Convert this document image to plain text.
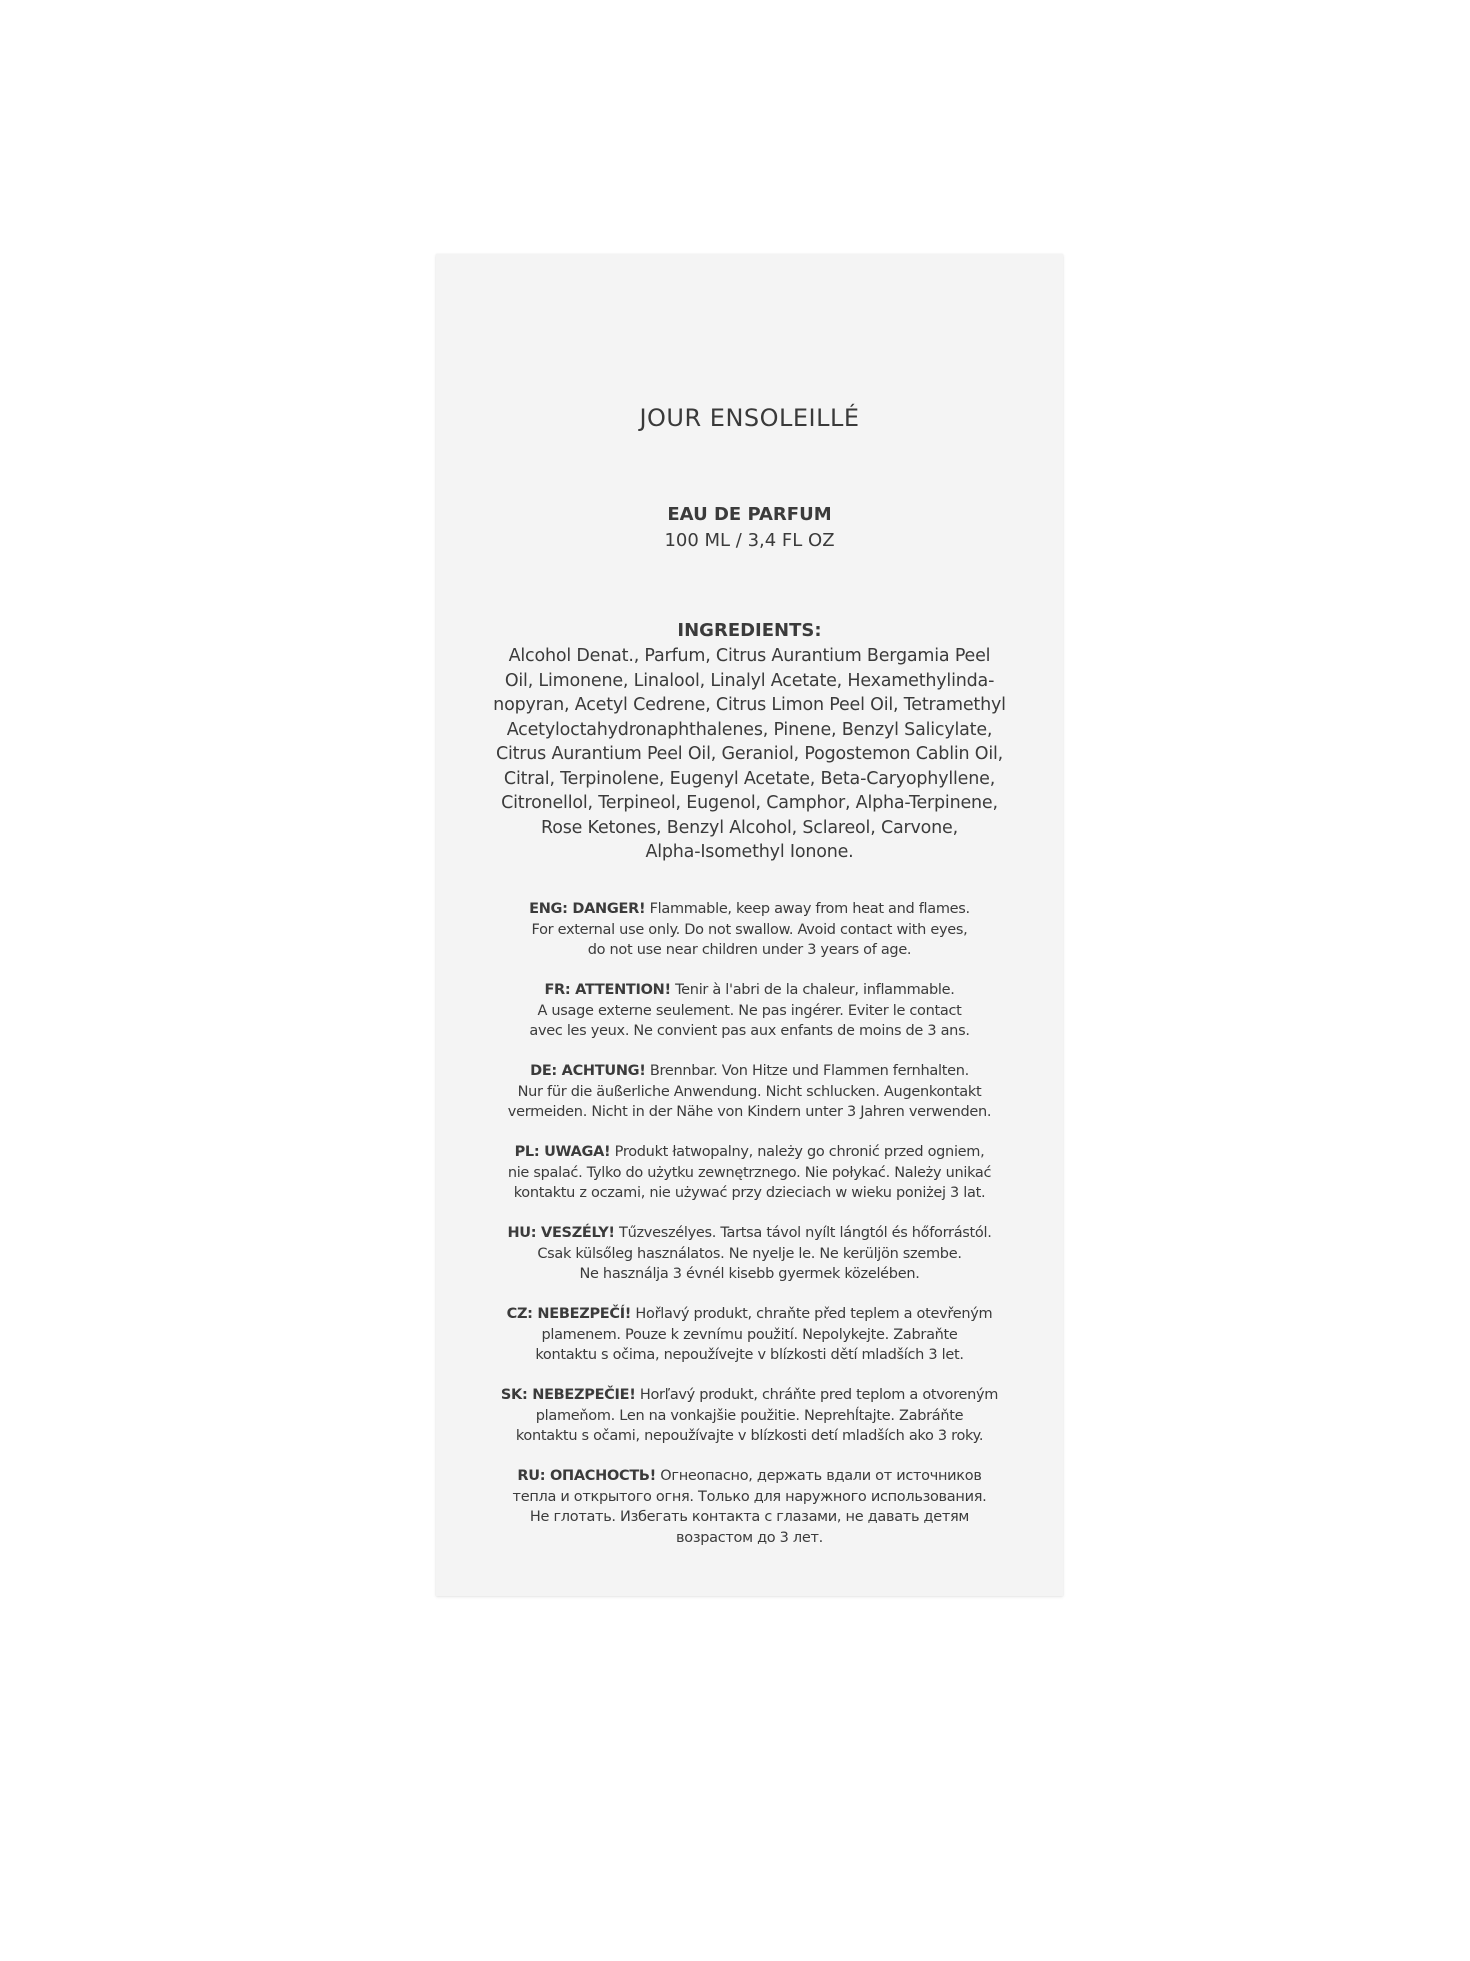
JOUR ENSOLEILLÉ
EAU DE PARFUM
100 ML / 3,4 FL OZ
INGREDIENTS:
Alcohol Denat., Parfum, Citrus Aurantium Bergamia Peel
Oil, Limonene, Linalool, Linalyl Acetate, Hexamethylinda-
nopyran, Acetyl Cedrene, Citrus Limon Peel Oil, Tetramethyl
Acetyloctahydronaphthalenes, Pinene, Benzyl Salicylate,
Citrus Aurantium Peel Oil, Geraniol, Pogostemon Cablin Oil,
Citral, Terpinolene, Eugenyl Acetate, Beta-Caryophyllene,
Citronellol, Terpineol, Eugenol, Camphor, Alpha-Terpinene,
Rose Ketones, Benzyl Alcohol, Sclareol, Carvone,
Alpha-Isomethyl Ionone.
ENG: DANGER! Flammable, keep away from heat and flames.
For external use only. Do not swallow. Avoid contact with eyes,
do not use near children under 3 years of age.
FR: ATTENTION! Tenir à l'abri de la chaleur, inflammable.
A usage externe seulement. Ne pas ingérer. Eviter le contact
avec les yeux. Ne convient pas aux enfants de moins de 3 ans.
DE: ACHTUNG! Brennbar. Von Hitze und Flammen fernhalten.
Nur für die äußerliche Anwendung. Nicht schlucken. Augenkontakt
vermeiden. Nicht in der Nähe von Kindern unter 3 Jahren verwenden.
PL: UWAGA! Produkt łatwopalny, należy go chronić przed ogniem,
nie spalać. Tylko do użytku zewnętrznego. Nie połykać. Należy unikać
kontaktu z oczami, nie używać przy dzieciach w wieku poniżej 3 lat.
HU: VESZÉLY! Tűzveszélyes. Tartsa távol nyílt lángtól és hőforrástól.
Csak külsőleg használatos. Ne nyelje le. Ne kerüljön szembe.
Ne használja 3 évnél kisebb gyermek közelében.
CZ: NEBEZPEČÍ! Hořlavý produkt, chraňte před teplem a otevřeným
plamenem. Pouze k zevnímu použití. Nepolykejte. Zabraňte
kontaktu s očima, nepoužívejte v blízkosti dětí mladších 3 let.
SK: NEBEZPEČIE! Horľavý produkt, chráňte pred teplom a otvoreným
plameňom. Len na vonkajšie použitie. Neprehĺtajte. Zabráňte
kontaktu s očami, nepoužívajte v blízkosti detí mladších ako 3 roky.
RU: ОПАСНОСТЬ! Огнеопасно, держать вдали от источников
тепла и открытого огня. Только для наружного использования.
Не глотать. Избегать контакта с глазами, не давать детям
возрастом до 3 лет.
